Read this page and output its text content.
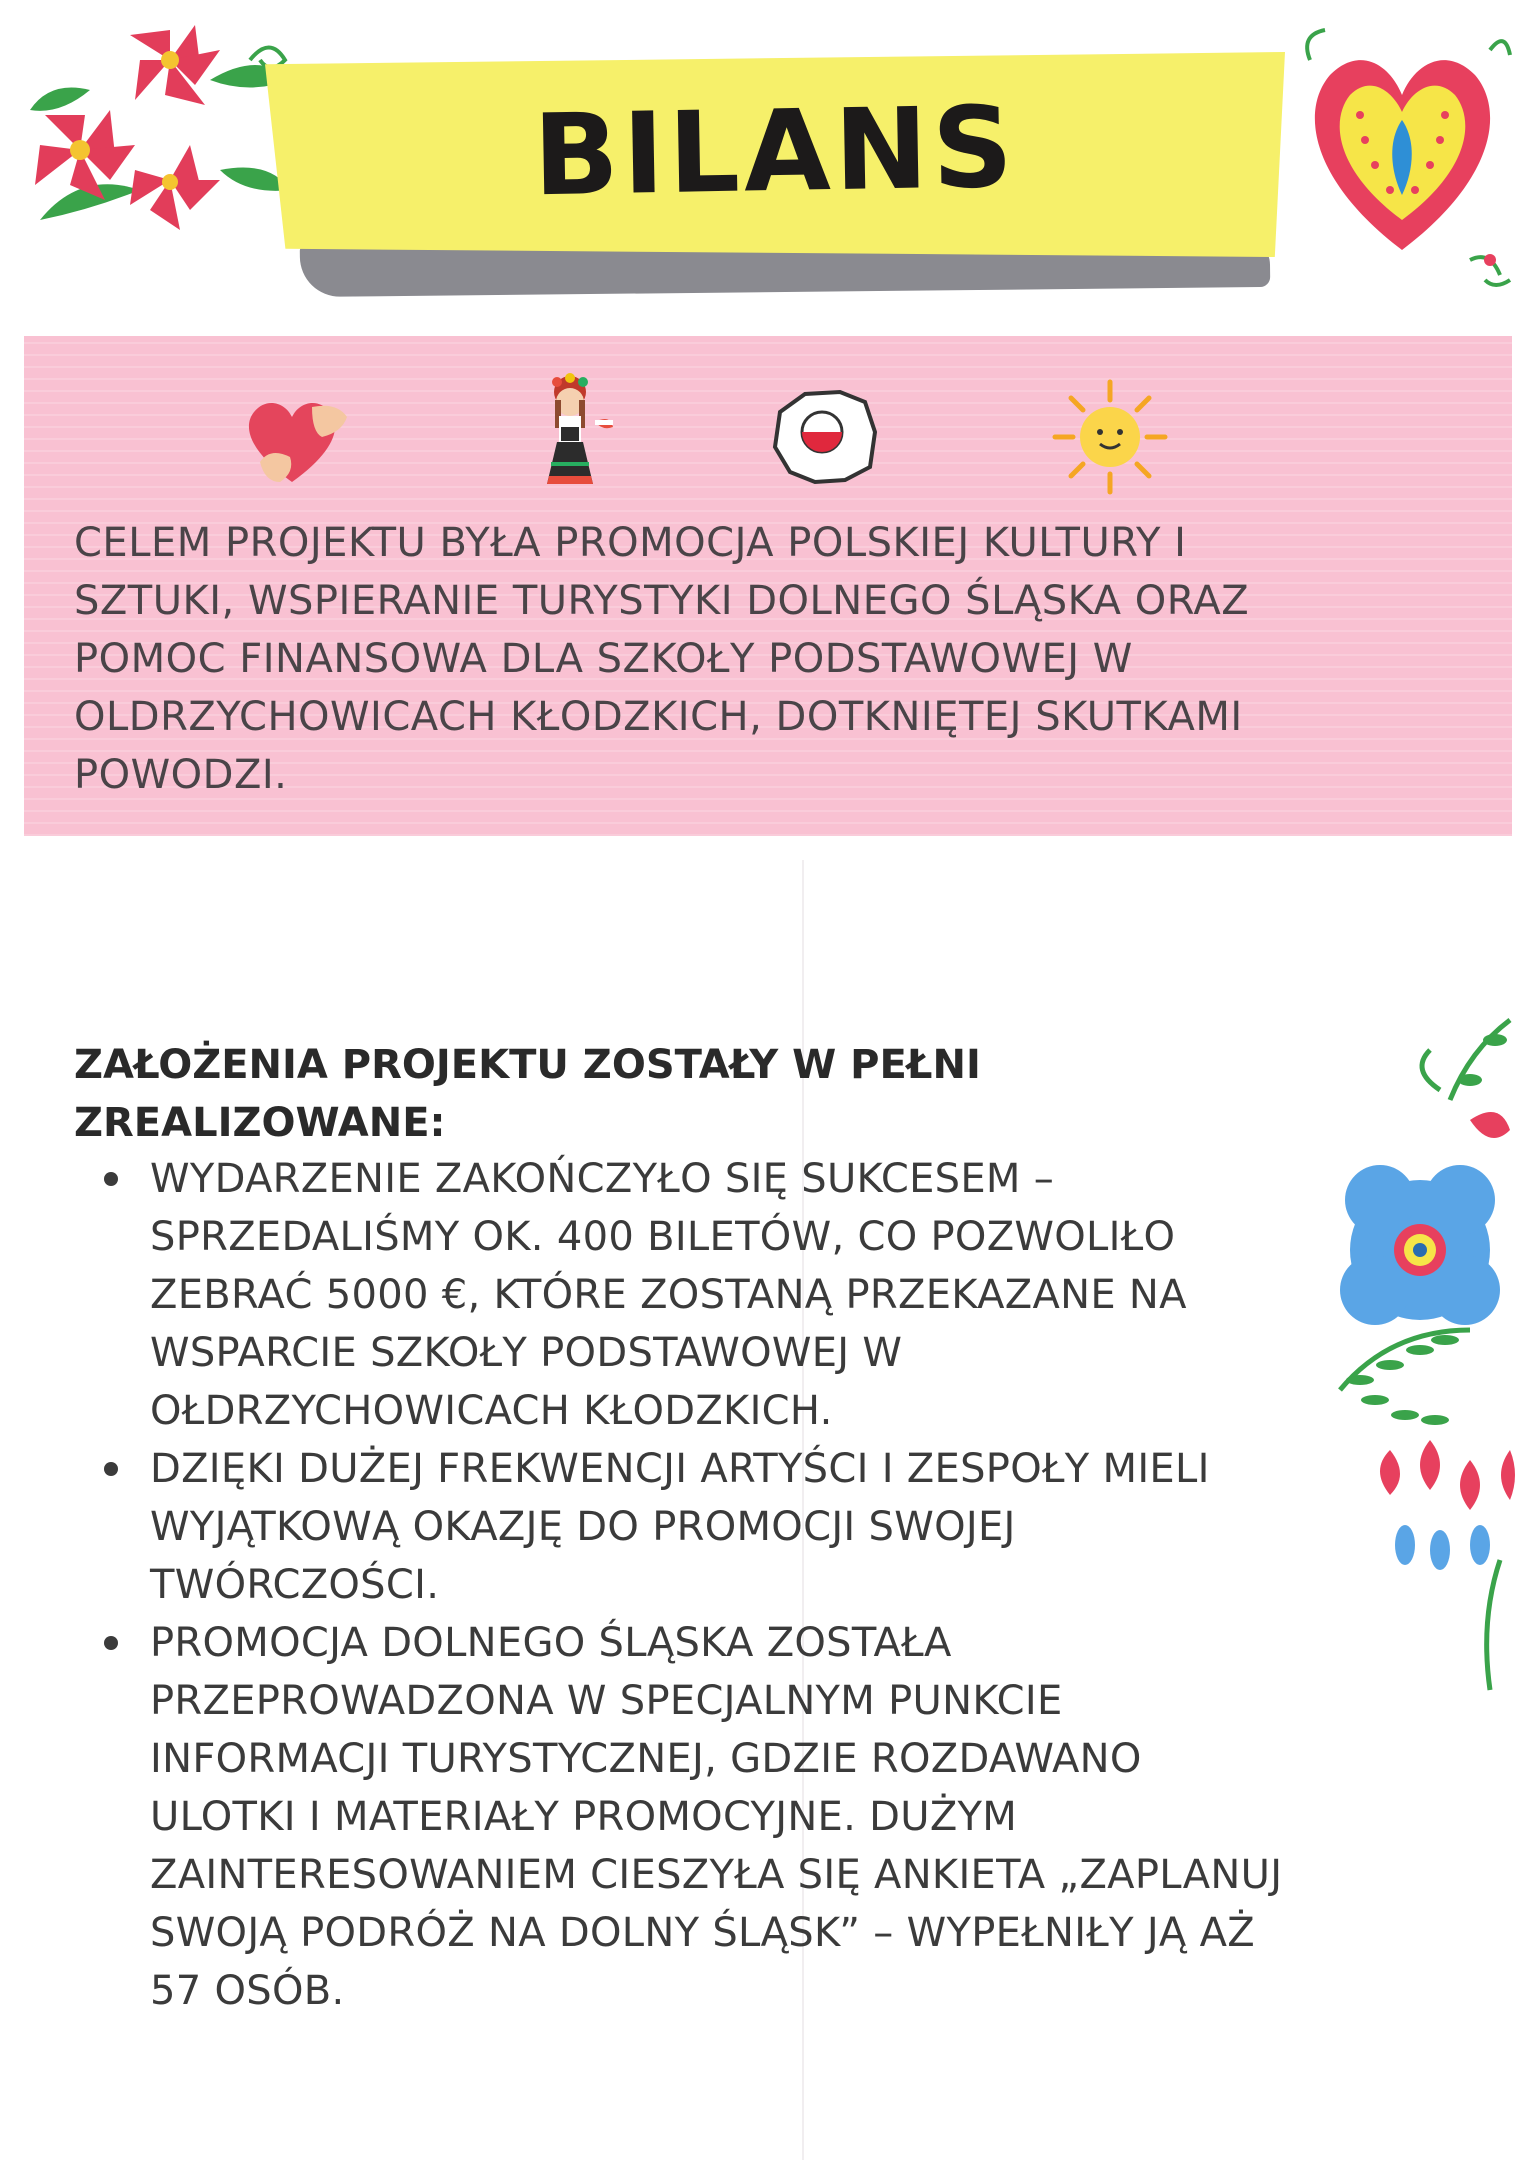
BILANS
CELEM PROJEKTU BYŁA PROMOCJA POLSKIEJ KULTURY I
SZTUKI, WSPIERANIE TURYSTYKI DOLNEGO ŚLĄSKA ORAZ
POMOC FINANSOWA DLA SZKOŁY PODSTAWOWEJ W
OLDRZYCHOWICACH KŁODZKICH, DOTKNIĘTEJ SKUTKAMI
POWODZI.
ZAŁOŻENIA PROJEKTU ZOSTAŁY W PEŁNI
ZREALIZOWANE:
WYDARZENIE ZAKOŃCZYŁO SIĘ SUKCESEM –
SPRZEDALIŚMY OK. 400 BILETÓW, CO POZWOLIŁO
ZEBRAĆ 5000 €, KTÓRE ZOSTANĄ PRZEKAZANE NA
WSPARCIE SZKOŁY PODSTAWOWEJ W
OŁDRZYCHOWICACH KŁODZKICH.
DZIĘKI DUŻEJ FREKWENCJI ARTYŚCI I ZESPOŁY MIELI
WYJĄTKOWĄ OKAZJĘ DO PROMOCJI SWOJEJ
TWÓRCZOŚCI.
PROMOCJA DOLNEGO ŚLĄSKA ZOSTAŁA
PRZEPROWADZONA W SPECJALNYM PUNKCIE
INFORMACJI TURYSTYCZNEJ, GDZIE ROZDAWANO
ULOTKI I MATERIAŁY PROMOCYJNE. DUŻYM
ZAINTERESOWANIEM CIESZYŁA SIĘ ANKIETA „ZAPLANUJ
SWOJĄ PODRÓŻ NA DOLNY ŚLĄSK” – WYPEŁNIŁY JĄ AŻ
57 OSÓB.
